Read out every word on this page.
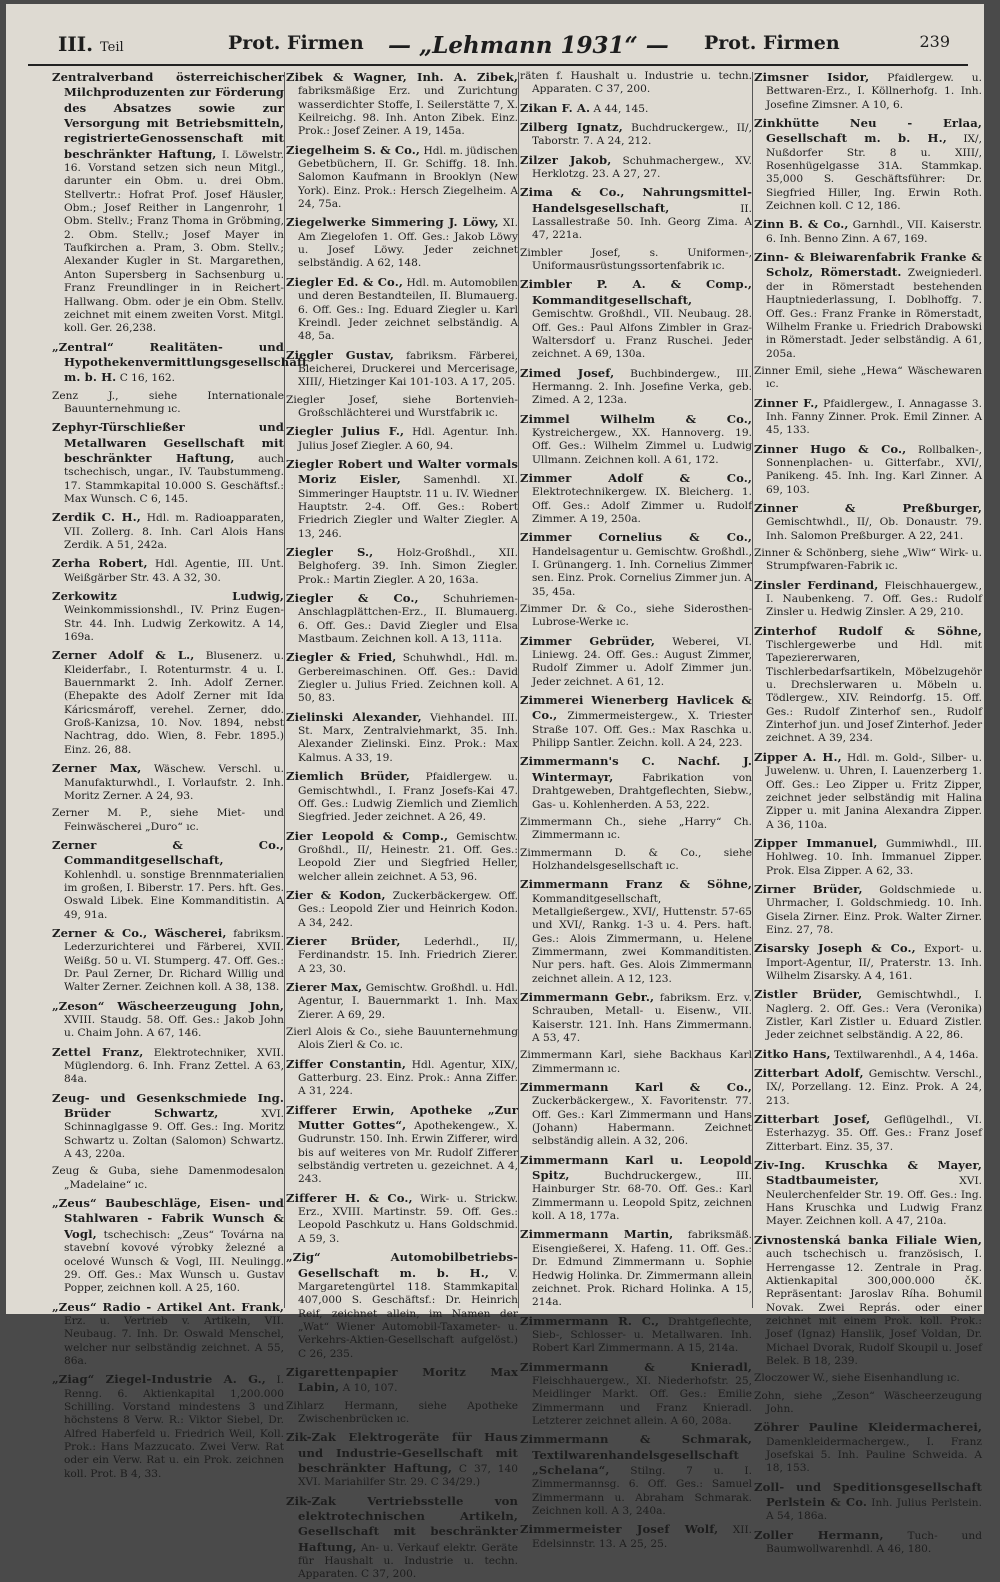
III. Teil	Prot. Firmen — „Lehmann 1931“ — Prot. Firmen	239
Zentralverband österreichischer Milchproduzenten zur Förderung des Absatzes sowie zur Versorgung mit Betriebsmitteln, registrierteGenossenschaft mit beschränkter Haftung, I. Löwelstr. 16. Vorstand setzen sich neun Mitgl., darunter ein Obm. u. drei Obm. Stellvertr.: Hofrat Prof. Josef Häusler, Obm.; Josef Reither in Langenrohr, 1 Obm. Stellv.; Franz Thoma in Gröbming, 2. Obm. Stellv.; Josef Mayer in Taufkirchen a. Pram, 3. Obm. Stellv.; Alexander Kugler in St. Margarethen, Anton Supersberg in Sachsenburg u. Franz Freundlinger in in Reichert-Hallwang. Obm. oder je ein Obm. Stellv. zeichnet mit einem zweiten Vorst. Mitgl. koll. Ger. 26,238.
„Zentral“ Realitäten- und Hypothekenvermittlungsgesellschaft m. b. H. C 16, 162.
Zenz J., siehe Internationale Bauunternehmung ıc.
Zephyr-Türschließer und Metallwaren Gesellschaft mit beschränkter Haftung, auch tschechisch, ungar., IV. Taubstummeng. 17. Stammkapital 10.000 S. Geschäftsf.: Max Wunsch. C 6, 145.
Zerdik C. H., Hdl. m. Radioapparaten, VII. Zollerg. 8. Inh. Carl Alois Hans Zerdik. A 51, 242a.
Zerha Robert, Hdl. Agentie, III. Unt. Weißgärber Str. 43. A 32, 30.
Zerkowitz Ludwig, Weinkommissionshdl., IV. Prinz Eugen-Str. 44. Inh. Ludwig Zerkowitz. A 14, 169a.
Zerner Adolf & L., Blusenerz. u. Kleiderfabr., I. Rotenturmstr. 4 u. I. Bauernmarkt 2. Inh. Adolf Zerner. (Ehepakte des Adolf Zerner mit Ida Káricsmároff, verehel. Zerner, ddo. Groß-Kanizsa, 10. Nov. 1894, nebst Nachtrag, ddo. Wien, 8. Febr. 1895.) Einz. 26, 88.
Zerner Max, Wäschew. Verschl. u. Manufakturwhdl., I. Vorlaufstr. 2. Inh. Moritz Zerner. A 24, 93.
Zerner M. P., siehe Miet- und Feinwäscherei „Duro“ ıc.
Zerner & Co., Commanditgesellschaft, Kohlenhdl. u. sonstige Brennmaterialien im großen, I. Biberstr. 17. Pers. hft. Ges. Oswald Libek. Eine Kommanditistin. A 49, 91a.
Zerner & Co., Wäscherei, fabriksm. Lederzurichterei und Färberei, XVII. Weißg. 50 u. VI. Stumperg. 47. Off. Ges.: Dr. Paul Zerner, Dr. Richard Willig und Walter Zerner. Zeichnen koll. A 38, 138.
„Zeson“ Wäscheerzeugung John, XVIII. Staudg. 58. Off. Ges.: Jakob John u. Chaim John. A 67, 146.
Zettel Franz, Elektrotechniker, XVII. Müglendorg. 6. Inh. Franz Zettel. A 63, 84a.
Zeug- und Gesenkschmiede Ing. Brüder Schwartz,	XVI. Schinnaglgasse 9. Off. Ges.: Ing. Moritz Schwartz u. Zoltan (Salomon) Schwartz. A 43, 220a.
Zeug & Guba, siehe Damenmodesalon „Madelaine“ ıc.
„Zeus“ Baubeschläge, Eisen- und Stahlwaren - Fabrik Wunsch & Vogl, tschechisch: „Zeus“ Továrna na stavební kovové výrobky železné a ocelové Wunsch & Vogl, III. Neulingg. 29. Off. Ges.: Max Wunsch u. Gustav Popper, zeichnen koll. A 25, 160.
„Zeus“ Radio - Artikel Ant. Frank, Erz. u. Vertrieb v. Artikeln, VII. Neubaug. 7. Inh. Dr. Oswald Menschel, welcher nur selbständig zeichnet. A 55, 86a.
„Ziag“ Ziegel-Industrie A. G., I. Renng. 6. Aktienkapital 1,200.000 Schilling. Vorstand mindestens 3 und höchstens 8 Verw. R.: Viktor Siebel, Dr. Alfred Haberfeld u. Friedrich Weil, Koll. Prok.: Hans Mazzucato. Zwei Verw. Rat oder ein Verw. Rat u. ein Prok. zeichnen koll. Prot. B 4, 33.
Zibek & Wagner, Inh. A. Zibek, fabriksmäßige Erz. und Zurichtung wasserdichter Stoffe, I. Seilerstätte 7, X. Keilreichg. 98. Inh. Anton Zibek. Einz. Prok.: Josef Zeiner. A 19, 145a.
Ziegelheim S. & Co., Hdl. m. jüdischen Gebetbüchern, II. Gr. Schiffg. 18. Inh. Salomon Kaufmann in Brooklyn (New York). Einz. Prok.: Hersch Ziegelheim. A 24, 75a.
Ziegelwerke Simmering J. Löwy, XI. Am Ziegelofen 1. Off. Ges.: Jakob Löwy u. Josef Löwy. Jeder zeichnet selbständig. A 62, 148.
Ziegler Ed. & Co., Hdl. m. Automobilen und deren Bestandteilen, II. Blumauerg. 6. Off. Ges.: Ing. Eduard Ziegler u. Karl Kreindl. Jeder zeichnet selbständig. A 48, 5a.
Ziegler Gustav, fabriksm. Färberei, Bleicherei, Druckerei und Mercerisage, XIII/, Hietzinger Kai 101-103. A 17, 205.
Ziegler Josef, siehe Bortenvieh-Großschlächterei und Wurstfabrik ıc.
Ziegler Julius F., Hdl. Agentur. Inh. Julius Josef Ziegler. A 60, 94.
Ziegler Robert und Walter vormals Moriz Eisler, Samenhdl. XI. Simmeringer Hauptstr. 11 u. IV. Wiedner Hauptstr. 2-4. Off. Ges.: Robert Friedrich Ziegler und Walter Ziegler. A 13, 246.
Ziegler S., Holz-Großhdl., XII. Belghoferg. 39. Inh. Simon Ziegler. Prok.: Martin Ziegler. A 20, 163a.
Ziegler & Co., Schuhriemen-Anschlagplättchen-Erz., II. Blumauerg. 6. Off. Ges.: David Ziegler und Elsa Mastbaum. Zeichnen koll. A 13, 111a.
Ziegler & Fried, Schuhwhdl., Hdl. m. Gerbereimaschinen. Off. Ges.: David Ziegler u. Julius Fried. Zeichnen koll. A 50, 83.
Zielinski Alexander, Viehhandel. III. St. Marx, Zentralviehmarkt, 35. Inh. Alexander Zielinski. Einz. Prok.: Max Kalmus. A 33, 19.
Ziemlich Brüder, Pfaidlergew. u. Gemischtwhdl., I. Franz Josefs-Kai 47. Off. Ges.: Ludwig Ziemlich und Ziemlich Siegfried. Jeder zeichnet. A 26, 49.
Zier Leopold & Comp., Gemischtw. Großhdl., II/, Heinestr. 21. Off. Ges.: Leopold Zier und Siegfried Heller, welcher allein zeichnet. A 53, 96.
Zier & Kodon, Zuckerbäckergew. Off. Ges.: Leopold Zier und Heinrich Kodon. A 34, 242.
Zierer Brüder, Lederhdl., II/, Ferdinandstr. 15. Inh. Friedrich Zierer. A 23, 30.
Zierer Max, Gemischtw. Großhdl. u. Hdl. Agentur, I. Bauernmarkt 1. Inh. Max Zierer. A 69, 29.
Zierl Alois & Co., siehe Bauunternehmung Alois Zierl & Co. ıc.
Ziffer Constantin, Hdl. Agentur, XIX/, Gatterburg. 23. Einz. Prok.: Anna Ziffer. A 31, 224.
Zifferer Erwin, Apotheke „Zur Mutter Gottes“, Apothekengew., X. Gudrunstr. 150. Inh. Erwin Zifferer, wird bis auf weiteres von Mr. Rudolf Zifferer selbständig vertreten u. gezeichnet. A 4, 243.
Zifferer H. & Co., Wirk- u. Strickw. Erz., XVIII. Martinstr. 59. Off. Ges.: Leopold Paschkutz u. Hans Goldschmid. A 59, 3.
„Zig“ Automobilbetriebs-Gesellschaft m. b. H., V. Margaretengürtel 118. Stammkapital 407,000 S. Geschäftsf.: Dr. Heinrich Reif, zeichnet allein, im Namen der „Wat“ Wiener Automobil-Taxameter- u. Verkehrs-Aktien-Gesellschaft aufgelöst.) C 26, 235.
Zigarettenpapier Moritz Max Labin, A 10, 107.
Zihlarz Hermann, siehe Apotheke Zwischenbrücken ıc.
Zik-Zak Elektrogeräte für Haus und Industrie-Gesellschaft mit beschränkter Haftung, C 37, 140 XVI. Mariahilfer Str. 29. C 34/29.)
Zik-Zak Vertriebsstelle von elektrotechnischen Artikeln, Gesellschaft mit beschränkter Haftung, An- u. Verkauf elektr. Geräte für Haushalt u. Industrie u. techn. Apparaten. C 37, 200.
räten f. Haushalt u. Industrie u. techn. Apparaten. C 37, 200.
Zikan F. A. A 44, 145.
Zilberg Ignatz, Buchdruckergew., II/, Taborstr. 7. A 24, 212.
Zilzer Jakob, Schuhmachergew., XV. Herklotzg. 23. A 27, 27.
Zima & Co., Nahrungsmittel-Handelsgesellschaft,	II. Lassallestraße 50. Inh. Georg Zima. A 47, 221a.
Zimbler Josef, s. Uniformen-, Uniformausrüstungssortenfabrik ıc.
Zimbler P. A. & Comp., Kommanditgesellschaft, Gemischtw. Großhdl., VII. Neubaug. 28. Off. Ges.: Paul Alfons Zimbler in Graz-Waltersdorf u. Franz Ruschei. Jeder zeichnet. A 69, 130a.
Zimed Josef, Buchbindergew., III. Hermanng. 2. Inh. Josefine Verka, geb. Zimed. A 2, 123a.
Zimmel Wilhelm & Co., Kystreichergew., XX. Hannoverg. 19. Off. Ges.: Wilhelm Zimmel u. Ludwig Ullmann. Zeichnen koll. A 61, 172.
Zimmer Adolf & Co., Elektrotechnikergew. IX. Bleicherg. 1. Off. Ges.: Adolf Zimmer u. Rudolf Zimmer. A 19, 250a.
Zimmer Cornelius & Co., Handelsagentur u. Gemischtw. Großhdl., I. Grünangerg. 1. Inh. Cornelius Zimmer sen. Einz. Prok. Cornelius Zimmer jun. A 35, 45a.
Zimmer Dr. & Co., siehe Siderosthen-Lubrose-Werke ıc.
Zimmer Gebrüder, Weberei, VI. Liniewg. 24. Off. Ges.: August Zimmer, Rudolf Zimmer u. Adolf Zimmer jun. Jeder zeichnet. A 61, 12.
Zimmerei Wienerberg Havlicek & Co., Zimmermeistergew., X. Triester Straße 107. Off. Ges.: Max Raschka u. Philipp Santler. Zeichn. koll. A 24, 223.
Zimmermann's C. Nachf. J. Wintermayr,	Fabrikation von Drahtgeweben, Drahtgeflechten, Siebw., Gas- u. Kohlenherden. A 53, 222.
Zimmermann Ch., siehe „Harry“ Ch. Zimmermann ıc.
Zimmermann D. & Co., siehe Holzhandelsgesellschaft ıc.
Zimmermann Franz & Söhne, Kommanditgesellschaft, Metallgießergew., XVI/, Huttenstr. 57-65 und XVI/, Rankg. 1-3 u. 4. Pers. haft. Ges.: Alois Zimmermann, u. Helene Zimmermann, zwei Kommanditisten. Nur pers. haft. Ges. Alois Zimmermann zeichnet allein. A 12, 123.
Zimmermann Gebr., fabriksm. Erz. v. Schrauben, Metall- u. Eisenw., VII. Kaiserstr. 121. Inh. Hans Zimmermann. A 53, 47.
Zimmermann Karl, siehe Backhaus Karl Zimmermann ıc.
Zimmermann Karl & Co., Zuckerbäckergew., X. Favoritenstr. 77. Off. Ges.: Karl Zimmermann und Hans (Johann) Habermann. Zeichnet selbständig allein. A 32, 206.
Zimmermann Karl u. Leopold Spitz,	Buchdruckergew., III. Hainburger Str. 68-70. Off. Ges.: Karl Zimmermann u. Leopold Spitz, zeichnen koll. A 18, 177a.
Zimmermann Martin, fabriksmäß. Eisengießerei, X. Hafeng. 11. Off. Ges.: Dr. Edmund Zimmermann u. Sophie Hedwig Holinka. Dr. Zimmermann allein zeichnet. Prok. Richard Holinka. A 15, 214a.
Zimmermann R. C., Drahtgeflechte, Sieb-, Schlosser- u. Metallwaren. Inh. Robert Karl Zimmermann. A 15, 214a.
Zimmermann & Knieradl, Fleischhauergew., XI. Niederhofstr. 25, Meidlinger Markt. Off. Ges.: Emilie Zimmermann und Franz Knieradl. Letzterer zeichnet allein. A 60, 208a.
Zimmermann & Schmarak, Textilwarenhandelsgesellschaft „Schelana“, Stilng. 7 u. I. Zimmermannsg. 6. Off. Ges.: Samuel Zimmermann u. Abraham Schmarak. Zeichnen koll. A 3, 240a.
Zimmermeister Josef Wolf, XII. Edelsinnstr. 13. A 25, 25.
Zimsner Isidor, Pfaidlergew. u. Bettwaren-Erz., I. Köllnerhofg. 1. Inh. Josefine Zimsner. A 10, 6.
Zinkhütte Neu - Erlaa, Gesellschaft m. b. H., IX/, Nußdorfer Str. 8 u. XIII/, Rosenhügelgasse 31A. Stammkap. 35,000 S. Geschäftsführer: Dr. Siegfried Hiller, Ing. Erwin Roth. Zeichnen koll. C 12, 186.
Zinn B. & Co., Garnhdl., VII. Kaiserstr. 6. Inh. Benno Zinn. A 67, 169.
Zinn- & Bleiwarenfabrik Franke & Scholz, Römerstadt. Zweigniederl. der in Römerstadt bestehenden Hauptniederlassung, I. Doblhoffg. 7. Off. Ges.: Franz Franke in Römerstadt, Wilhelm Franke u. Friedrich Drabowski in Römerstadt. Jeder selbständig. A 61, 205a.
Zinner Emil, siehe „Hewa“ Wäschewaren ıc.
Zinner F., Pfaidlergew., I. Annagasse 3. Inh. Fanny Zinner. Prok. Emil Zinner. A 45, 133.
Zinner Hugo & Co., Rollbalken-, Sonnenplachen- u. Gitterfabr., XVI/, Panikeng. 45. Inh. Ing. Karl Zinner. A 69, 103.
Zinner & Preßburger, Gemischtwhdl., II/, Ob. Donaustr. 79. Inh. Salomon Preßburger. A 22, 241.
Zinner & Schönberg, siehe „Wiw“ Wirk- u. Strumpfwaren-Fabrik ıc.
Zinsler Ferdinand, Fleischhauergew., I. Naubenkeng. 7. Off. Ges.: Rudolf Zinsler u. Hedwig Zinsler. A 29, 210.
Zinterhof Rudolf & Söhne, Tischlergewerbe und Hdl. mit Tapeziererwaren, Tischlerbedarfsartikeln, Möbelzugehör u. Drechslerwaren u. Möbeln u. Tödlergew., XIV. Reindorfg. 15. Off. Ges.: Rudolf Zinterhof sen., Rudolf Zinterhof jun. und Josef Zinterhof. Jeder zeichnet. A 39, 234.
Zipper A. H., Hdl. m. Gold-, Silber- u. Juwelenw. u. Uhren, I. Lauenzerberg 1. Off. Ges.: Leo Zipper u. Fritz Zipper, zeichnet jeder selbständig mit Halina Zipper u. mit Janina Alexandra Zipper. A 36, 110a.
Zipper Immanuel, Gummiwhdl., III. Hohlweg. 10. Inh. Immanuel Zipper. Prok. Elsa Zipper. A 62, 33.
Zirner Brüder, Goldschmiede u. Uhrmacher, I. Goldschmiedg. 10. Inh. Gisela Zirner. Einz. Prok. Walter Zirner. Einz. 27, 78.
Zisarsky Joseph & Co., Export- u. Import-Agentur, II/, Praterstr. 13. Inh. Wilhelm Zisarsky. A 4, 161.
Zistler Brüder, Gemischtwhdl., I. Naglerg. 2. Off. Ges.: Vera (Veronika) Zistler, Karl Zistler u. Eduard Zistler. Jeder zeichnet selbständig. A 22, 86.
Zitko Hans, Textilwarenhdl., A 4, 146a.
Zitterbart Adolf, Gemischtw. Verschl., IX/, Porzellang. 12. Einz. Prok. A 24, 213.
Zitterbart Josef, Geflügelhdl., VI. Esterhazyg. 35. Off. Ges.: Franz Josef Zitterbart. Einz. 35, 37.
Ziv-Ing. Kruschka & Mayer, Stadtbaumeister,	XVI. Neulerchenfelder Str. 19. Off. Ges.: Ing. Hans Kruschka und Ludwig Franz Mayer. Zeichnen koll. A 47, 210a.
Zivnostenská banka Filiale Wien, auch tschechisch u. französisch, I. Herrengasse 12. Zentrale in Prag. Aktienkapital 300,000.000 čK. Repräsentant: Jaroslav Ríha. Bohumil Novak. Zwei Reprás. oder einer zeichnet mit einem Prok. koll. Prok.: Josef (Ignaz) Hanslik, Josef Voldan, Dr. Michael Dvorak, Rudolf Skoupil u. Josef Belek. B 18, 239.
Zloczower W., siehe Eisenhandlung ıc.
Zohn, siehe „Zeson“ Wäscheerzeugung John.
Zöhrer Pauline Kleidermacherei, Damenkleidermachergew., I. Franz Josefskai 5. Inh. Pauline Schweida. A 18, 153.
Zoll- und Speditionsgesellschaft Perlstein & Co. Inh. Julius Perlstein. A 54, 186a.
Zoller Hermann, Tuch- und Baumwollwarenhdl. A 46, 180.
